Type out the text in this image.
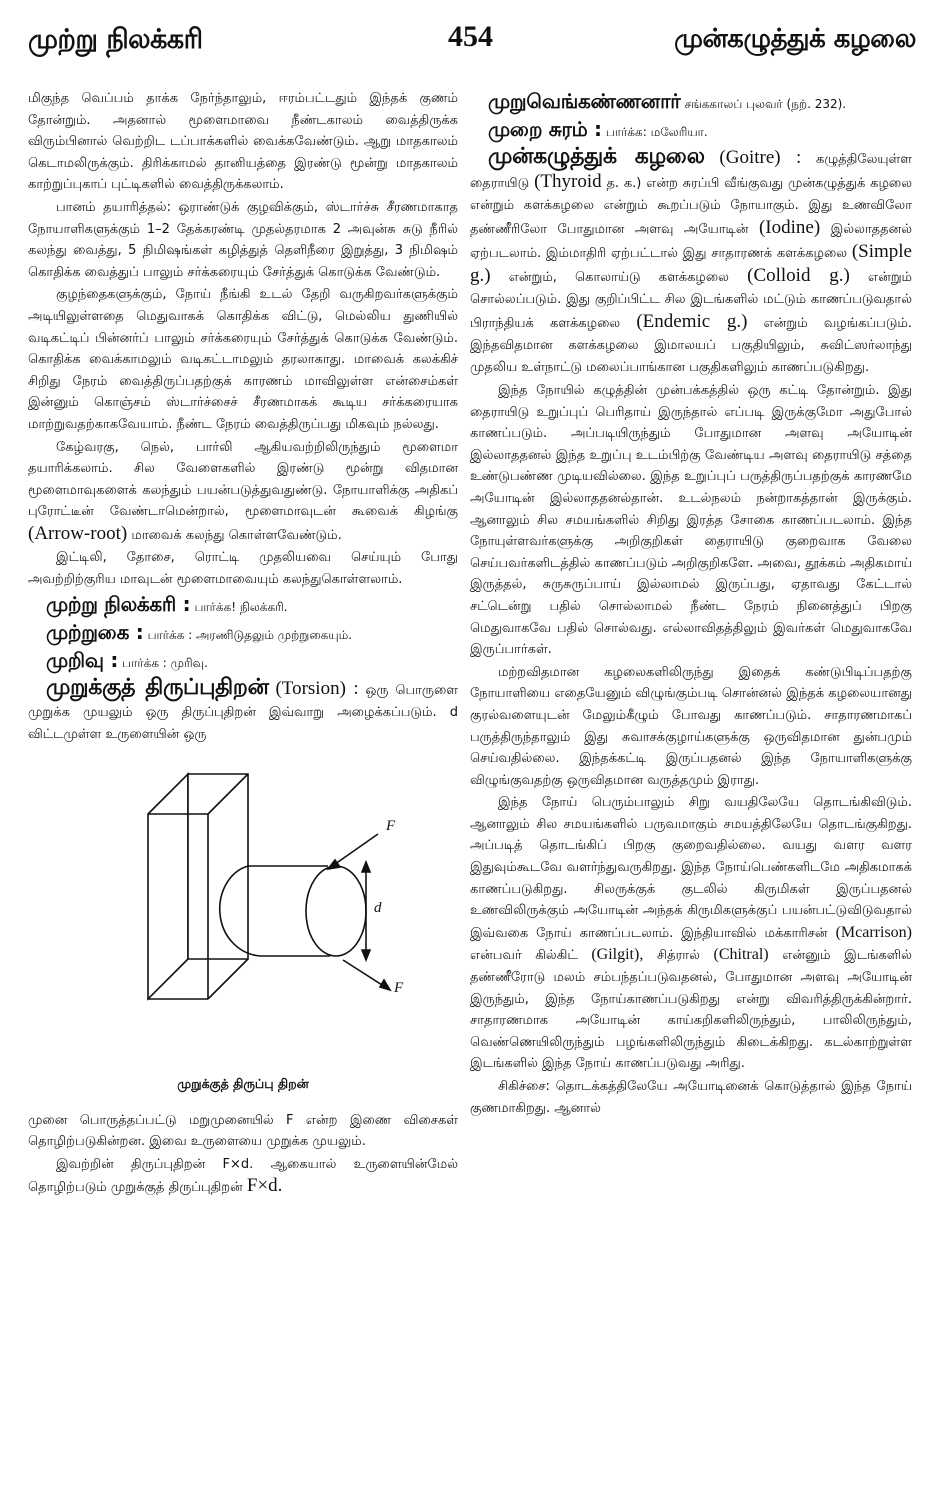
முற்று நிலக்கரி	454	முன்கழுத்துக் கழலை

மிகுந்த வெப்பம் தாக்க நேர்ந்தாலும், ஈரம்பட்டதும் இந்தக் குணம் தோன்றும். அதனால் மூளைமாவை நீண்டகாலம் வைத்திருக்க விரும்பினால் வெற்றிட டப்பாக்களில் வைக்கவேண்டும். ஆறு மாதகாலம் கெடாமலிருக்கும். திரிக்காமல் தானியத்தை இரண்டு மூன்று மாதகாலம் காற்றுப்புகாப் புட்டிகளில் வைத்திருக்கலாம்.

பானம் தயாரித்தல்: ஒராண்டுக் குழவிக்கும், ஸ்டார்ச்சு சீரணமாகாத நோயாளிகளுக்கும் 1–2 தேக்கரண்டி முதல்தரமாக 2 அவுன்சு சுடு நீரில் கலந்து வைத்து, 5 நிமிஷங்கள் கழித்துத் தெளிநீரை இறுத்து, 3 நிமிஷம் கொதிக்க வைத்துப் பாலும் சர்க்கரையும் சேர்த்துக் கொடுக்க வேண்டும்.

குழந்தைகளுக்கும், நோய் நீங்கி உடல் தேறி வருகிறவர்களுக்கும் அடியிலுள்ளதை மெதுவாகக் கொதிக்க விட்டு, மெல்லிய துணியில் வடிகட்டிப் பின்னர்ப் பாலும் சர்க்கரையும் சேர்த்துக் கொடுக்க வேண்டும். கொதிக்க வைக்காமலும் வடிகட்டாமலும் தரலாகாது. மாவைக் கலக்கிச் சிறிது நேரம் வைத்திருப்பதற்குக் காரணம் மாவிலுள்ள என்சைம்கள் இன்னும் கொஞ்சம் ஸ்டார்ச்சைச் சீரணமாகக் கூடிய சர்க்கரையாக மாற்றுவதற்காகவேயாம். நீண்ட நேரம் வைத்திருப்பது மிகவும் நல்லது.

கேழ்வரகு, நெல், பார்லி ஆகியவற்றிலிருந்தும் மூளைமா தயாரிக்கலாம். சில வேளைகளில் இரண்டு மூன்று விதமான மூளைமாவுகளைக் கலந்தும் பயன்படுத்துவதுண்டு. நோயாளிக்கு அதிகப் புரோட்டீன் வேண்டாமென்றால், மூளைமாவுடன் கூவைக் கிழங்கு (Arrow-root) மாவைக் கலந்து கொள்ளவேண்டும்.

இட்டிலி, தோசை, ரொட்டி முதலியவை செய்யும் போது அவற்றிற்குரிய மாவுடன் மூளைமாவையும் கலந்துகொள்ளலாம்.

முற்று நிலக்கரி : பார்க்க! நிலக்கரி.
முற்றுகை : பார்க்க : அரணிடுதலும் முற்றுகையும்.
முறிவு : பார்க்க : முரிவு.
முறுக்குத் திருப்புதிறன் (Torsion) : ஒரு பொருளை முறுக்க முயலும் ஒரு திருப்புதிறன் இவ்வாறு அழைக்கப்படும். d விட்டமுள்ள உருளையின் ஒரு
F
d
F
முறுக்குத் திருப்பு திறன்

முனை பொருத்தப்பட்டு மறுமுனையில் F என்ற இணை விசைகள் தொழிற்படுகின்றன. இவை உருளையை முறுக்க முயலும்.

இவற்றின் திருப்புதிறன் F×d. ஆகையால் உருளையின்மேல் தொழிற்படும் முறுக்குத் திருப்புதிறன் F×d.

முறுவெங்கண்ணனார் சங்ககாலப் புலவர் (நற். 232).
முறை சுரம் : பார்க்க: மலேரியா.
முன்கழுத்துக் கழலை (Goitre) : கழுத்திலேயுள்ள தைராயிடு (Thyroid த. க.) என்ற சுரப்பி வீங்குவது முன்கழுத்துக் கழலை என்றும் களக்கழலை என்றும் கூறப்படும் நோயாகும். இது உணவிலோ தண்ணீரிலோ போதுமான அளவு அயோடின் (Iodine) இல்லாததனல் ஏற்படலாம். இம்மாதிரி ஏற்பட்டால் இது சாதாரணக் களக்கழலை (Simple g.) என்றும், கொலாய்டு களக்கழலை (Colloid g.) என்றும் சொல்லப்படும். இது குறிப்பிட்ட சில இடங்களில் மட்டும் காணப்படுவதால் பிராந்தியக் களக்கழலை (Endemic g.) என்றும் வழங்கப்படும். இந்தவிதமான களக்கழலை இமாலயப் பகுதியிலும், சுவிட்ஸர்லாந்து முதலிய உள்நாட்டு மலைப்பாங்கான பகுதிகளிலும் காணப்படுகிறது.

இந்த நோயில் கழுத்தின் முன்பக்கத்தில் ஒரு கட்டி தோன்றும். இது தைராயிடு உறுப்புப் பெரிதாய் இருந்தால் எப்படி இருக்குமோ அதுபோல் காணப்படும். அப்படியிருந்தும் போதுமான அளவு அயோடின் இல்லாததனல் இந்த உறுப்பு உடம்பிற்கு வேண்டிய அளவு தைராயிடு சத்தை உண்டுபண்ண முடியவில்லை. இந்த உறுப்புப் பருத்திருப்பதற்குக் காரணமே அயோடின் இல்லாததனல்தான். உடல்நலம் நன்றாகத்தான் இருக்கும். ஆனாலும் சில சமயங்களில் சிறிது இரத்த சோகை காணப்படலாம். இந்த நோயுள்ளவர்களுக்கு அறிகுறிகள் தைராயிடு குறைவாக வேலை செய்பவர்களிடத்தில் காணப்படும் அறிகுறிகளே. அவை, தூக்கம் அதிகமாய் இருத்தல், சுருசுருப்பாய் இல்லாமல் இருப்பது, ஏதாவது கேட்டால் சட்டென்று பதில் சொல்லாமல் நீண்ட நேரம் நினைத்துப் பிறகு மெதுவாகவே பதில் சொல்வது. எல்லாவிதத்திலும் இவர்கள் மெதுவாகவே இருப்பார்கள்.

மற்றவிதமான கழலைகளிலிருந்து இதைக் கண்டுபிடிப்பதற்கு நோயாளியை எதையேனும் விழுங்கும்படி சொன்னல் இந்தக் கழலையானது குரல்வளையுடன் மேலும்கீழும் போவது காணப்படும். சாதாரணமாகப் பருத்திருந்தாலும் இது சுவாசக்குழாய்களுக்கு ஒருவிதமான துன்பமும் செய்வதில்லை. இந்தக்கட்டி இருப்பதனல் இந்த நோயாளிகளுக்கு விழுங்குவதற்கு ஒருவிதமான வருத்தமும் இராது.

இந்த நோய் பெரும்பாலும் சிறு வயதிலேயே தொடங்கிவிடும். ஆனாலும் சில சமயங்களில் பருவமாகும் சமயத்திலேயே தொடங்குகிறது. அப்படித் தொடங்கிப் பிறகு குறைவதில்லை. வயது வளர வளர இதுவும்கூடவே வளர்ந்துவருகிறது. இந்த நோய்பெண்களிடமே அதிகமாகக் காணப்படுகிறது. சிலருக்குக் குடலில் கிருமிகள் இருப்பதனல் உணவிலிருக்கும் அயோடின் அந்தக் கிருமிகளுக்குப் பயன்பட்டுவிடுவதால் இவ்வகை நோய் காணப்படலாம். இந்தியாவில் மக்காரிசன் (Mcarrison) என்பவர் கில்கிட் (Gilgit), சித்ரால் (Chitral) என்னும் இடங்களில் தண்ணீரோடு மலம் சம்பந்தப்படுவதனல், போதுமான அளவு அயோடின் இருந்தும், இந்த நோய்காணப்படுகிறது என்று விவரித்திருக்கின்றார். சாதாரணமாக அயோடின் காய்கறிகளிலிருந்தும், பாலிலிருந்தும், வெண்ணெயிலிருந்தும் பழங்களிலிருந்தும் கிடைக்கிறது. கடல்காற்றுள்ள இடங்களில் இந்த நோய் காணப்படுவது அரிது.

சிகிச்சை: தொடக்கத்திலேயே அயோடினைக் கொடுத்தால் இந்த நோய் குணமாகிறது. ஆனால்
